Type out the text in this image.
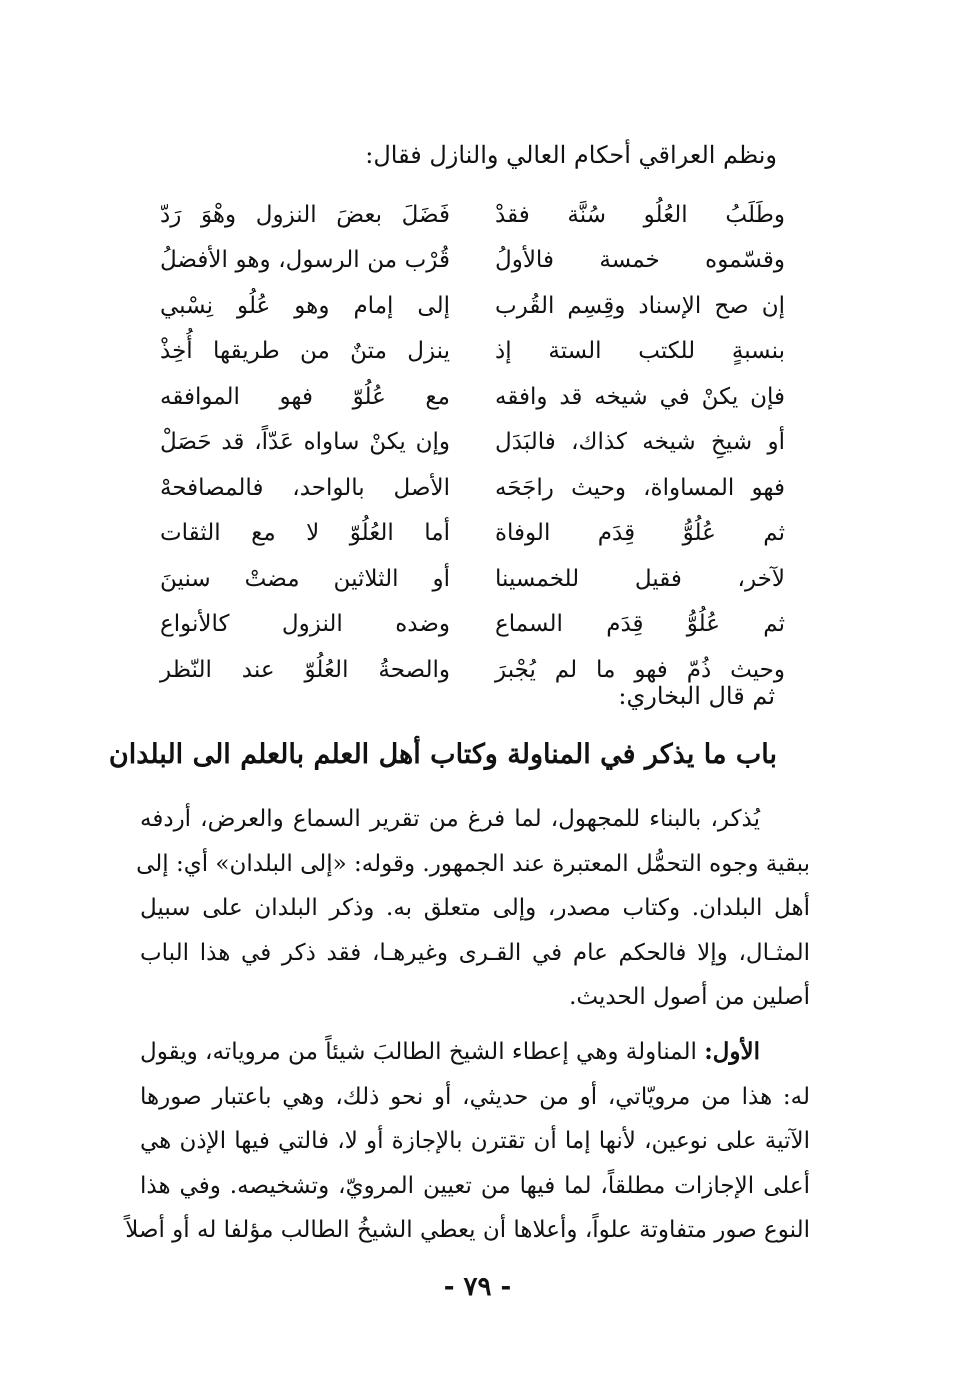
ونظم العراقي أحكام العالي والنازل فقال:
وطَلَبُ العُلُو سُنَّة فقدْ
فَضَلَ بعضَ النزول وهْوَ رَدّ
وقسّموه خمسة فالأولُ
قُرْب من الرسول، وهو الأفضلُ
إن صح الإسناد وقِسِم القُرب
إلى إمام وهو عُلُو نِسْبي
بنسبةٍ للكتب الستة إذ
ينزل متنٌ من طريقها أُخِذْ
فإن يكنْ في شيخه قد وافقه
مع عُلُوّ فهو الموافقه
أو شيخِ شيخه كذاك، فالبَدَل
وإن يكنْ ساواه عَدّاً، قد حَصَلْ
فهو المساواة، وحيث راجَحَه
الأصل بالواحد، فالمصافحهْ
ثم عُلُوُّ قِدَم الوفاة
أما العُلُوّ لا مع الثقات
لآخر، فقيل للخمسينا
أو الثلاثين مضتْ سنينَ
ثم عُلُوُّ قِدَم السماع
وضده النزول كالأنواع
وحيث ذُمّ فهو ما لم يُجْبرَ
والصحةُ العُلُوّ عند النّظر
ثم قال البخاري:
باب ما يذكر في المناولة وكتاب أهل العلم بالعلم الى البلدان
يُذكر، بالبناء للمجهول، لما فرغ من تقرير السماع والعرض، أردفه
ببقية وجوه التحمُّل المعتبرة عند الجمهور. وقوله: «إلى البلدان» أي: إلى
أهل البلدان. وكتاب مصدر، وإلى متعلق به. وذكر البلدان على سبيل
المثـال، وإلا فالحكم عام في القـرى وغيرهـا، فقد ذكر في هذا الباب
أصلين من أصول الحديث.
الأول: المناولة وهي إعطاء الشيخ الطالبَ شيئاً من مروياته، ويقول
له: هذا من مرويّاتي، أو من حديثي، أو نحو ذلك، وهي باعتبار صورها
الآتية على نوعين، لأنها إما أن تقترن بالإجازة أو لا، فالتي فيها الإذن هي
أعلى الإجازات مطلقاً، لما فيها من تعيين المرويّ، وتشخيصه. وفي هذا
النوع صور متفاوتة علواً، وأعلاها أن يعطي الشيخُ الطالب مؤلفا له أو أصلاً
- ٧٩ -
